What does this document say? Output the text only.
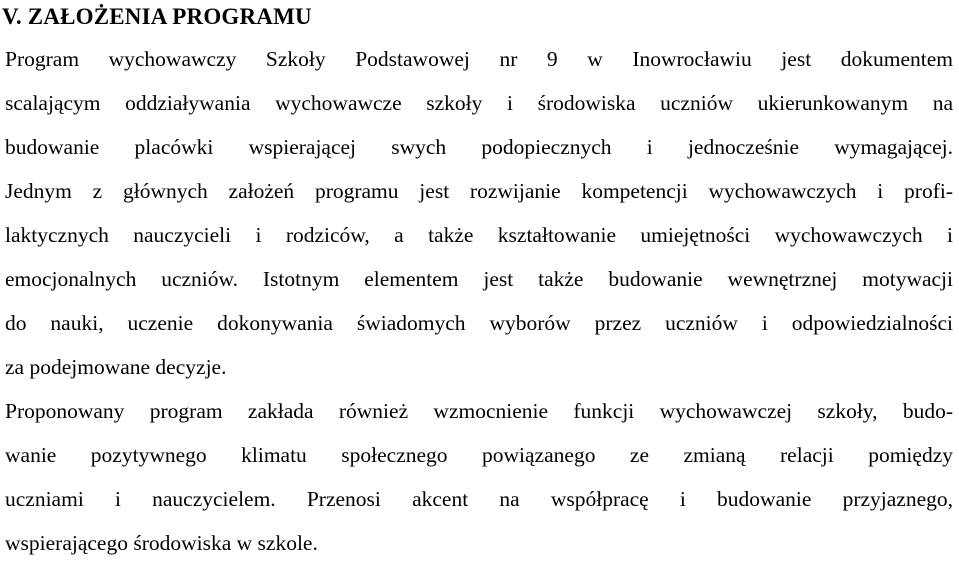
V. ZAŁOŻENIA PROGRAMU

Program wychowawczy Szkoły Podstawowej nr 9 w Inowrocławiu jest dokumentem

scalającym oddziaływania wychowawcze szkoły i środowiska uczniów ukierunkowanym na

budowanie placówki wspierającej swych podopiecznych i jednocześnie wymagającej.

Jednym z głównych założeń programu jest rozwijanie kompetencji wychowawczych i profi-

laktycznych nauczycieli i rodziców, a także kształtowanie umiejętności wychowawczych i

emocjonalnych uczniów. Istotnym elementem jest także budowanie wewnętrznej motywacji

do nauki, uczenie dokonywania świadomych wyborów przez uczniów i odpowiedzialności

za podejmowane decyzje.

Proponowany program zakłada również wzmocnienie funkcji wychowawczej szkoły, budo-

wanie pozytywnego klimatu społecznego powiązanego ze zmianą relacji pomiędzy

uczniami i nauczycielem. Przenosi akcent na współpracę i budowanie przyjaznego,

wspierającego środowiska w szkole.
